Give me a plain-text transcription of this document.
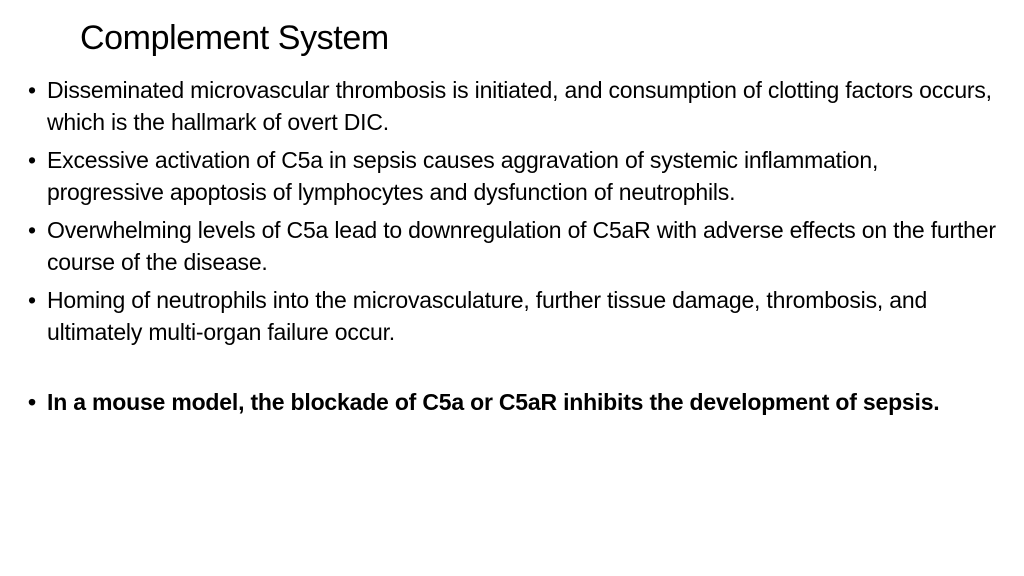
Complement System
• Disseminated microvascular thrombosis is initiated, and consumption of clotting factors occurs, which is the hallmark of overt DIC.
• Excessive activation of C5a in sepsis causes aggravation of systemic inflammation, progressive apoptosis of lymphocytes and dysfunction of neutrophils.
• Overwhelming levels of C5a lead to downregulation of C5aR with adverse effects on the further course of the disease.
• Homing of neutrophils into the microvasculature, further tissue damage, thrombosis, and ultimately multi-organ failure occur.
• In a mouse model, the blockade of C5a or C5aR inhibits the development of sepsis.
